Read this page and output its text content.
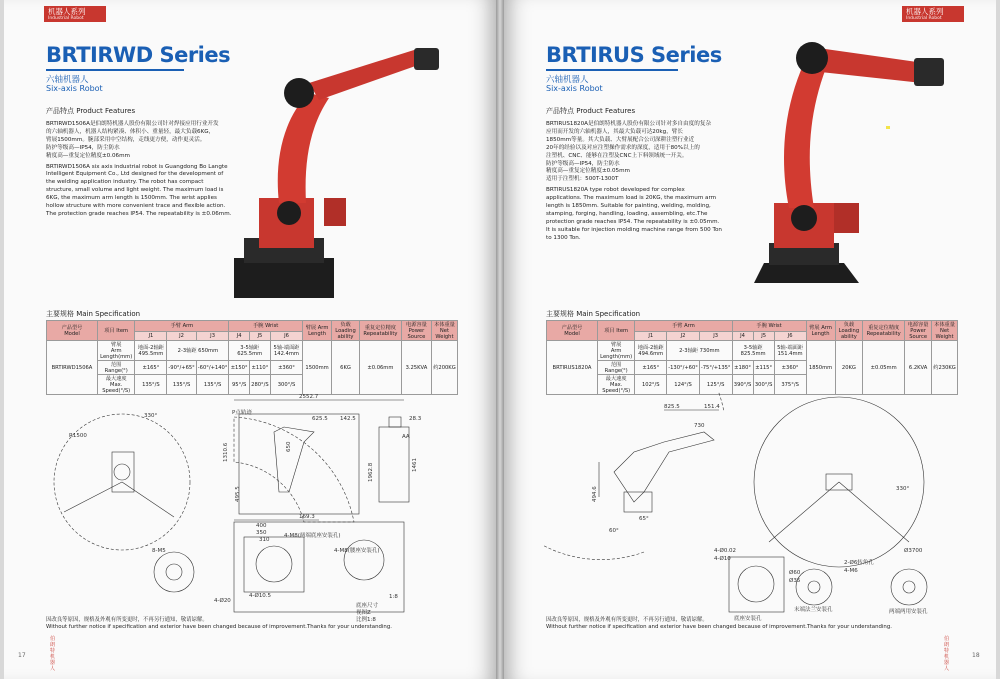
机器人系列
Industrial Robot
BRTIRWD Series
六轴机器人
Six-axis Robot
产品特点 Product Features

BRTIRWD1506A是伯朗特机器人股份有限公司针对焊接应用行业开发
的六轴机器人，机器人结构紧凑、体积小、重量轻，最大负载6KG，
臂展1500mm。腕部采用中空结构，走线更方便，动作更灵活。
防护等级高—IP54，防尘防水
精度高—重复定位精度±0.06mm

BRTIRWD1506A six axis industrial robot is Guangdong Bo Langte
Intelligent Equipment Co., Ltd designed for the development of
the welding application industry. The robot has compact
structure, small volume and light weight. The maximum load is
6KG, the maximum arm length is 1500mm. The wrist applies
hollow structure with more convenient trace and flexible action.
The protection grade reaches IP54. The repeatability is ±0.06mm.

主要规格 Main Specification
产品型号
Model	项目 Item	手臂 Arm			手腕 Wrist			臂展 Arm Length	负载 Loading ability	重复定位精度 Repeatability	电源容量 Power Source	本体重量 Net Weight
		J1	J2	J3	J4	J5	J6					
BRTIRWD1506A	臂展
Arm Length(mm)	地面-2轴距 495.5mm	2-3轴距 650mm		3-5轴距 625.5mm		5轴-端面距 142.4mm	1500mm	6KG	±0.06mm	3.25KVA	约200KG
	范围
Range(°)	±165°	-90°/+65°	-60°/+140°	±150°	±110°	±360°					
	最大速度
Max. Speed(°/S)	135°/S	135°/S	135°/S	95°/S	280°/S	300°/S					
330°
R1500
2552.7
P点轨迹
625.5 142.5	28.3
1310.6
1962.8	1461
495.5
169.3
650
AA
400
350
310
8-M5
4-M8(两端底座安装孔)
4-M8(腰座安装孔)
4-Ø20
4-Ø10.5
底座尺寸
视图Z
比例1:8
1:8
因改良等原因，规格及外观有所变更时，不再另行通知，敬请谅解。
Without further notice if specification and exterior have been changed because of improvement.Thanks for your understanding.
17
伯朗特机器人
机器人系列
Industrial Robot
BRTIRUS Series
六轴机器人
Six-axis Robot
产品特点 Product Features

BRTIRUS1820A是伯朗特机器人股份有限公司针对多自由度的复杂
应用而开发的六轴机器人，其最大负载可达20kg，臂长
1850mm等量。其大负载、大臂展配合公司深耕注塑行业近
20年的经验以及对应注塑操作需求的深度，适用于80%以上的
注塑机、CNC、能够在注塑及CNC上下料领域统一开关。
防护等级高—IP54，防尘防水
精度高—重复定位精度±0.05mm
适用于注塑机：500T-1300T

BRTIRUS1820A type robot developed for complex
applications. The maximum load is 20KG, the maximum arm
length is 1850mm. Suitable for painting, welding, molding,
stamping, forging, handling, loading, assembling, etc.The
protection grade reaches IP54. The repeatability is ±0.05mm.
It is suitable for injection molding machine range from 500 Ton
to 1300 Ton.

主要规格 Main Specification
产品型号
Model	项目 Item	手臂 Arm			手腕 Wrist			臂展 Arm Length	负载 Loading ability	重复定位精度 Repeatability	电源容量 Power Source	本体重量 Net Weight
		J1	J2	J3	J4	J5	J6					
BRTIRUS1820A	臂展
Arm Length(mm)	地面-2轴距 494.6mm	2-3轴距 730mm		3-5轴距 825.5mm		5轴-端面距 151.4mm	1850mm	20KG	±0.05mm	6.2KVA	约230KG
	范围
Range(°)	±165°	-130°/+60°	-75°/+135°	±180°	±115°	±360°					
	最大速度
Max. Speed(°/S)	102°/S	124°/S	125°/S	390°/S	300°/S	375°/S					
825.5	151.4
730
494.6
65°
60°
330°
4-Ø0.02
4-Ø10
Ø3700
2-Ø6转角孔
4-M6
Ø60
Ø35
末端法兰安装孔
底座安装孔
两端两用安装孔
因改良等原因，规格及外观有所变更时，不再另行通知，敬请谅解。
Without further notice if specification and exterior have been changed because of improvement.Thanks for your understanding.
18
伯朗特机器人
